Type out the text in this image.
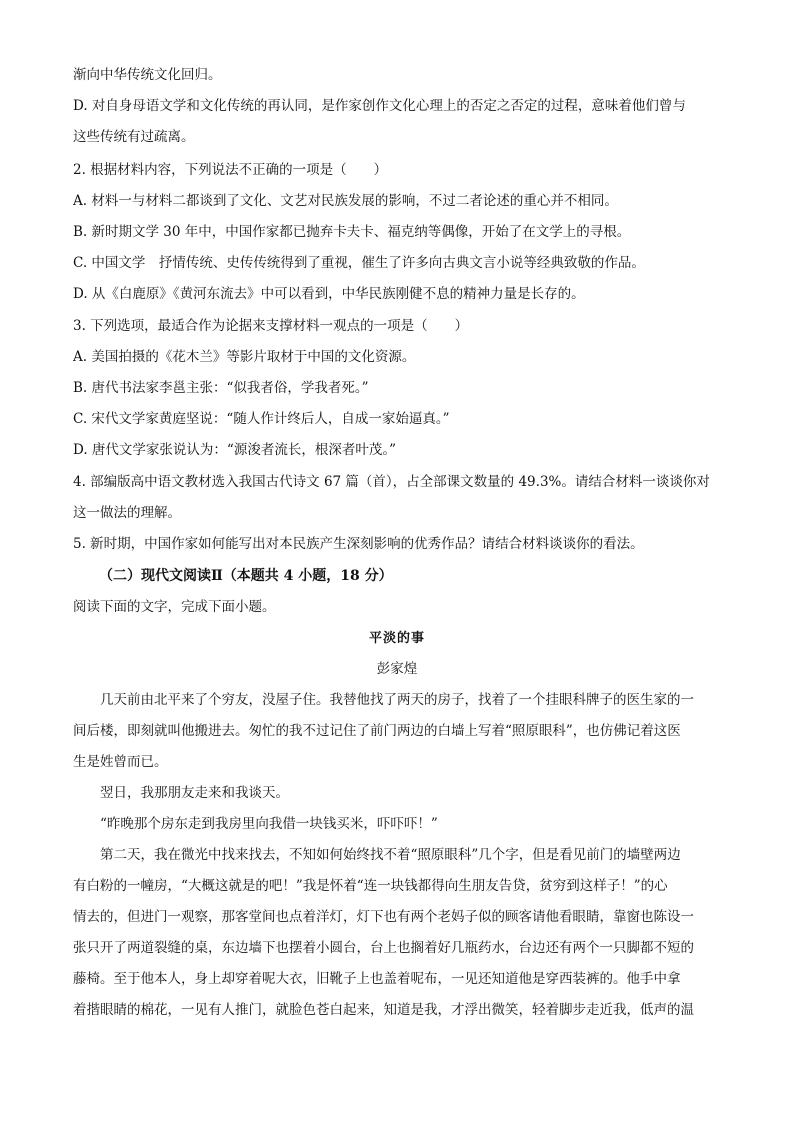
渐向中华传统文化回归。
D. 对自身母语文学和文化传统的再认同，是作家创作文化心理上的否定之否定的过程，意味着他们曾与
这些传统有过疏离。
2. 根据材料内容，下列说法不正确的一项是（　　）
A. 材料一与材料二都谈到了文化、文艺对民族发展的影响，不过二者论述的重心并不相同。
B. 新时期文学 30 年中，中国作家都已抛弃卡夫卡、福克纳等偶像，开始了在文学上的寻根。
C. 中国文学　抒情传统、史传传统得到了重视，催生了许多向古典文言小说等经典致敬的作品。
D. 从《白鹿原》《黄河东流去》中可以看到，中华民族刚健不息的精神力量是长存的。
3. 下列选项，最适合作为论据来支撑材料一观点的一项是（　　）
A. 美国拍摄的《花木兰》等影片取材于中国的文化资源。
B. 唐代书法家李邕主张：“似我者俗，学我者死。”
C. 宋代文学家黄庭坚说：“随人作计终后人，自成一家始逼真。”
D. 唐代文学家张说认为：“源浚者流长，根深者叶茂。”
4. 部编版高中语文教材选入我国古代诗文 67 篇（首），占全部课文数量的 49.3%。请结合材料一谈谈你对
这一做法的理解。
5. 新时期，中国作家如何能写出对本民族产生深刻影响的优秀作品？请结合材料谈谈你的看法。
（二）现代文阅读Ⅱ（本题共 4 小题，18 分）
阅读下面的文字，完成下面小题。
平淡的事
彭家煌
几天前由北平来了个穷友，没屋子住。我替他找了两天的房子，找着了一个挂眼科牌子的医生家的一
间后楼，即刻就叫他搬进去。匆忙的我不过记住了前门两边的白墙上写着“照原眼科”，也仿佛记着这医
生是姓曾而已。
翌日，我那朋友走来和我谈天。
“昨晚那个房东走到我房里向我借一块钱买米，吓吓吓！”
第二天，我在微光中找来找去，不知如何始终找不着“照原眼科”几个字，但是看见前门的墙壁两边
有白粉的一幢房，“大概这就是的吧！”我是怀着“连一块钱都得向生朋友告贷，贫穷到这样子！”的心
情去的，但进门一观察，那客堂间也点着洋灯，灯下也有两个老妈子似的顾客请他看眼睛，靠窗也陈设一
张只开了两道裂缝的桌，东边墙下也摆着小圆台，台上也搁着好几瓶药水，台边还有两个一只脚都不短的
藤椅。至于他本人，身上却穿着呢大衣，旧靴子上也盖着呢布，一见还知道他是穿西装裤的。他手中拿
着揩眼睛的棉花，一见有人推门，就脸色苍白起来，知道是我，才浮出微笑，轻着脚步走近我，低声的温
